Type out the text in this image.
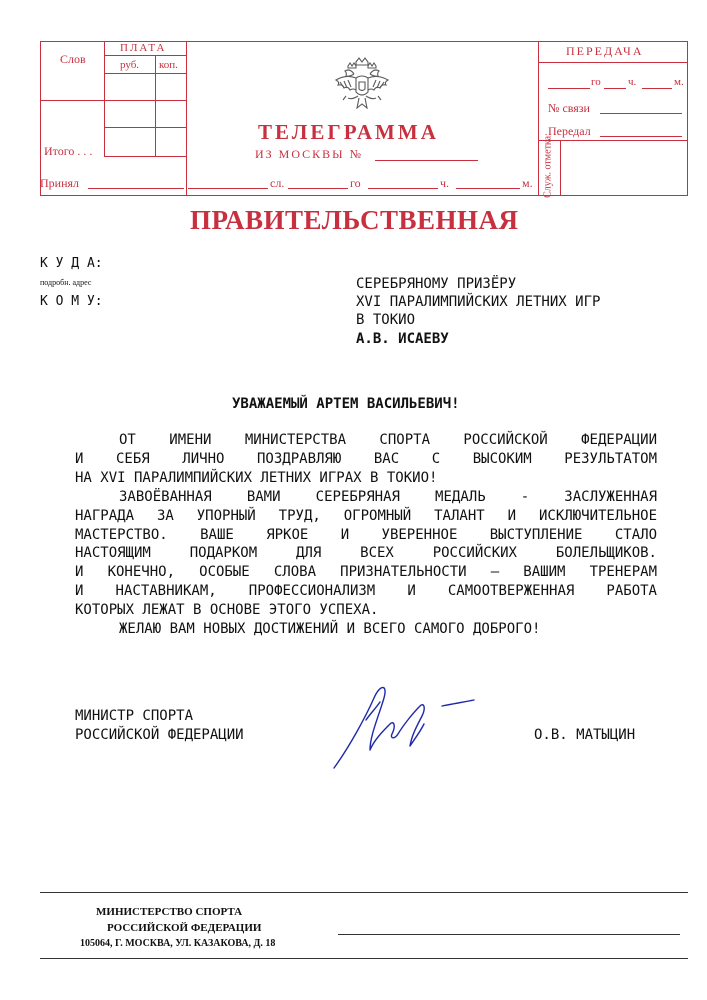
Слов
ПЛАТА
руб. коп.
Итого . . .
Принял
ТЕЛЕГРАММА
ИЗ МОСКВЫ №
сл.	го	ч.	м.
ПЕРЕДАЧА
го ч.	м.
№ связи
Передал
Служ. отметка:
ПРАВИТЕЛЬСТВЕННАЯ
К У Д А:
подробн. адрес
К О М У:
СЕРЕБРЯНОМУ ПРИЗЁРУ
XVI ПАРАЛИМПИЙСКИХ ЛЕТНИХ ИГР
В ТОКИО
А.В. ИСАЕВУ
УВАЖАЕМЫЙ АРТЕМ ВАСИЛЬЕВИЧ!
ОТ ИМЕНИ МИНИСТЕРСТВА СПОРТА РОССИЙСКОЙ ФЕДЕРАЦИИ
И СЕБЯ ЛИЧНО ПОЗДРАВЛЯЮ ВАС С ВЫСОКИМ РЕЗУЛЬТАТОМ
НА XVI ПАРАЛИМПИЙСКИХ ЛЕТНИХ ИГРАХ В ТОКИО!
ЗАВОЁВАННАЯ ВАМИ СЕРЕБРЯНАЯ МЕДАЛЬ - ЗАСЛУЖЕННАЯ
НАГРАДА ЗА УПОРНЫЙ ТРУД, ОГРОМНЫЙ ТАЛАНТ И ИСКЛЮЧИТЕЛЬНОЕ
МАСТЕРСТВО. ВАШЕ ЯРКОЕ И УВЕРЕННОЕ ВЫСТУПЛЕНИЕ СТАЛО
НАСТОЯЩИМ ПОДАРКОМ ДЛЯ ВСЕХ РОССИЙСКИХ БОЛЕЛЬЩИКОВ.
И КОНЕЧНО, ОСОБЫЕ СЛОВА ПРИЗНАТЕЛЬНОСТИ – ВАШИМ ТРЕНЕРАМ
И НАСТАВНИКАМ, ПРОФЕССИОНАЛИЗМ И САМООТВЕРЖЕННАЯ РАБОТА
КОТОРЫХ ЛЕЖАТ В ОСНОВЕ ЭТОГО УСПЕХА.
ЖЕЛАЮ ВАМ НОВЫХ ДОСТИЖЕНИЙ И ВСЕГО САМОГО ДОБРОГО!
МИНИСТР СПОРТА
РОССИЙСКОЙ ФЕДЕРАЦИИ	О.В. МАТЫЦИН
МИНИСТЕРСТВО СПОРТА
РОССИЙСКОЙ ФЕДЕРАЦИИ
105064, Г. МОСКВА, УЛ. КАЗАКОВА, Д. 18
